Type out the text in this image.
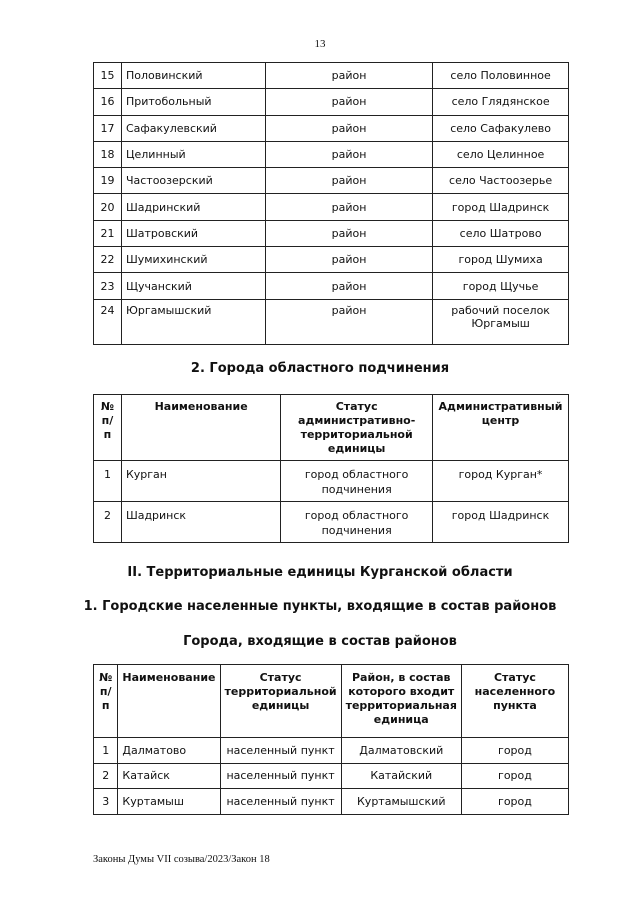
13
15	Половинский	район	село Половинное
16	Притобольный	район	село Глядянское
17	Сафакулевский	район	село Сафакулево
18	Целинный	район	село Целинное
19	Частоозерский	район	село Частоозерье
20	Шадринский	район	город Шадринск
21	Шатровский	район	село Шатрово
22	Шумихинский	район	город Шумиха
23	Щучанский	район	город Щучье
24	Юргамышский	район	рабочий поселок Юргамыш
2. Города областного подчинения
№ п/п	Наименование	Статус административно-территориальной единицы	Административный центр
1	Курган	город областного подчинения	город Курган*
2	Шадринск	город областного подчинения	город Шадринск
II. Территориальные единицы Курганской области
1. Городские населенные пункты, входящие в состав районов
Города, входящие в состав районов
№ п/п	Наименование	Статус территориальной единицы	Район, в состав которого входит территориальная единица	Статус населенного пункта
1	Далматово	населенный пункт	Далматовский	город
2	Катайск	населенный пункт	Катайский	город
3	Куртамыш	населенный пункт	Куртамышский	город
Законы Думы VII созыва/2023/Закон 18
